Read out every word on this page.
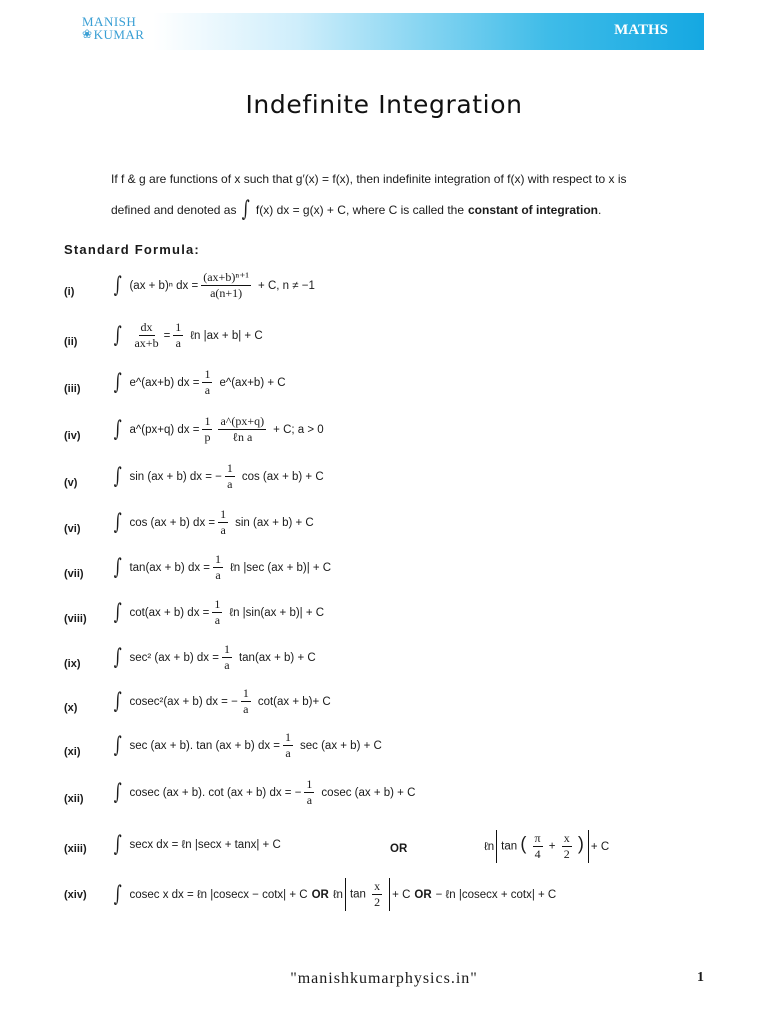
MANISH
❀ KUMAR	MATHS
Indefinite Integration
If f & g are functions of x such that g′(x) = f(x), then indefinite integration of f(x) with respect to x is
defined and denoted as ∫ f(x) dx = g(x) + C, where C is called the constant of integration .
Standard Formula:
(i) ∫ (ax + b)ⁿ dx = $\frac{\text{(ax+b)ⁿ⁺¹}}{a(n+1)} + C$, n ≠ −1
(ii) ∫ $\frac{dx}{ax+b} = \frac{1}{a}$ ℓn |ax + b| + C
(iii) ∫ e^(ax+b) dx = $\frac{1}{a}$ e^(ax+b) + C
(iv) ∫ a^(px+q) dx = $\frac{1}{p} \frac{a\^{}(px+q)}{\text{ℓn a}} + C$; a > 0
(v) ∫ sin (ax + b) dx = − $\frac{1}{a}$ cos (ax + b) + C
(vi) ∫ cos (ax + b) dx = $\frac{1}{a}$ sin (ax + b) + C
(vii) ∫ tan(ax + b) dx = $\frac{1}{a}$ ℓn |sec (ax + b)| + C
(viii) ∫ cot(ax + b) dx = $\frac{1}{a}$ ℓn |sin(ax + b)| + C
(ix) ∫ sec² (ax + b) dx = $\frac{1}{a} \tan(ax + b) + C$
(x) ∫ cosec²(ax + b) dx = − $\frac{1}{a} \cot(ax + b)+ C$
(xi) ∫ sec (ax + b). tan (ax + b) dx = $\frac{1}{a}$ sec (ax + b) + C
(xii) ∫ cosec (ax + b). cot (ax + b) dx = − $\frac{1}{a}$ cosec (ax + b) + C
(xiii) ∫ secx dx = ℓn |secx + tanx| + C	OR	ℓn tan ( $\frac{\pi}{4} + \frac{x}{2}$ ) + C
(xiv) ∫ cosec x dx = ℓn |cosecx − cotx| + C OR ℓn $\tan \frac{x}{2} + C$ OR − ℓn |cosecx + cotx| + C
"manishkumarphysics.in"	1
